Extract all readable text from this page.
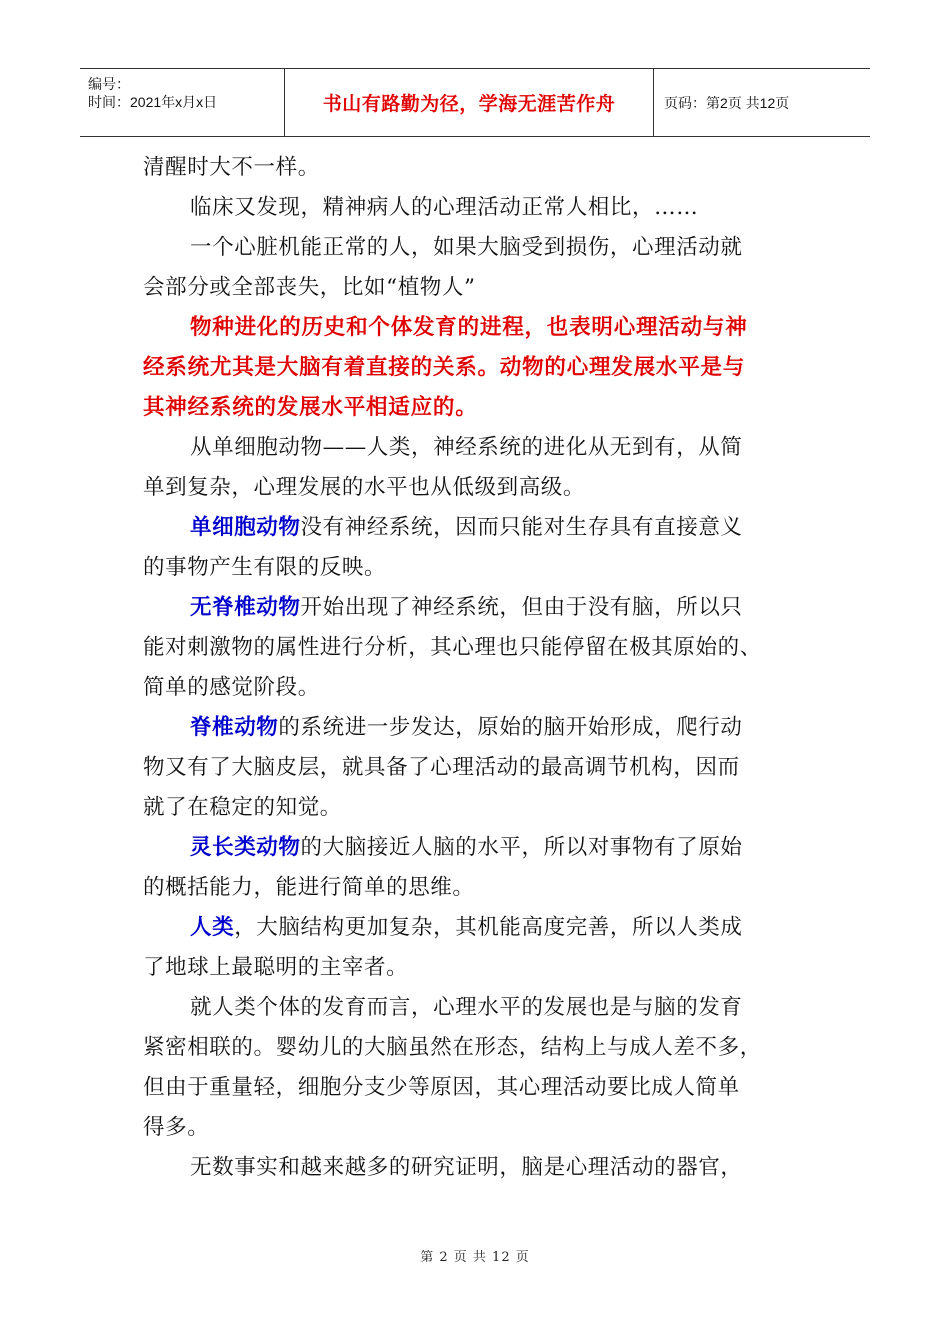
编号：
时间：2021年x月x日	书山有路勤为径，学海无涯苦作舟	页码：第2页 共12页
清醒时大不一样。
临床又发现，精神病人的心理活动正常人相比，……
一个心脏机能正常的人，如果大脑受到损伤，心理活动就
会部分或全部丧失，比如“植物人”
物种进化的历史和个体发育的进程，也表明心理活动与神
经系统尤其是大脑有着直接的关系。动物的心理发展水平是与
其神经系统的发展水平相适应的。
从单细胞动物——人类，神经系统的进化从无到有，从简
单到复杂，心理发展的水平也从低级到高级。
单细胞动物没有神经系统，因而只能对生存具有直接意义
的事物产生有限的反映。
无脊椎动物开始出现了神经系统，但由于没有脑，所以只
能对刺激物的属性进行分析，其心理也只能停留在极其原始的、
简单的感觉阶段。
脊椎动物的系统进一步发达，原始的脑开始形成，爬行动
物又有了大脑皮层，就具备了心理活动的最高调节机构，因而
就了在稳定的知觉。
灵长类动物的大脑接近人脑的水平，所以对事物有了原始
的概括能力，能进行简单的思维。
人类，大脑结构更加复杂，其机能高度完善，所以人类成
了地球上最聪明的主宰者。
就人类个体的发育而言，心理水平的发展也是与脑的发育
紧密相联的。婴幼儿的大脑虽然在形态，结构上与成人差不多，
但由于重量轻，细胞分支少等原因，其心理活动要比成人简单
得多。
无数事实和越来越多的研究证明，脑是心理活动的器官，
第 2 页 共 12 页
